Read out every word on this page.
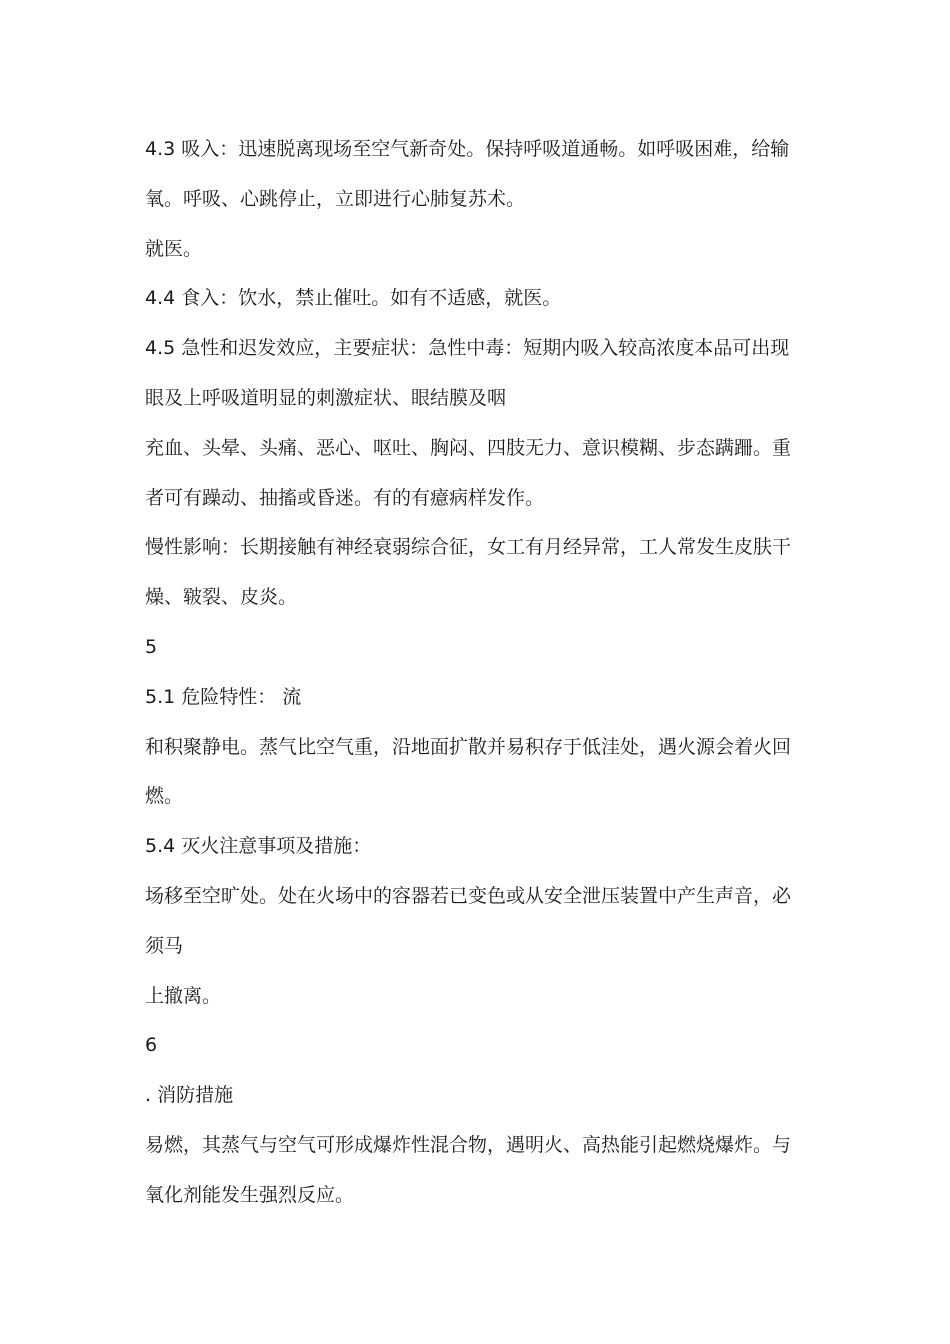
4.3 吸入：迅速脱离现场至空气新奇处。保持呼吸道通畅。如呼吸困难，给输

氧。呼吸、心跳停止，立即进行心肺复苏术。

就医。

4.4 食入：饮水，禁止催吐。如有不适感，就医。

4.5 急性和迟发效应，主要症状：急性中毒：短期内吸入较高浓度本品可出现

眼及上呼吸道明显的刺激症状、眼结膜及咽

充血、头晕、头痛、恶心、呕吐、胸闷、四肢无力、意识模糊、步态蹒跚。重

者可有躁动、抽搐或昏迷。有的有癔病样发作。

慢性影响：长期接触有神经衰弱综合征，女工有月经异常，工人常发生皮肤干

燥、皲裂、皮炎。

5

5.1 危险特性： 流

和积聚静电。蒸气比空气重，沿地面扩散并易积存于低洼处，遇火源会着火回

燃。

5.4 灭火注意事项及措施：

场移至空旷处。处在火场中的容器若已变色或从安全泄压装置中产生声音，必

须马

上撤离。

6

. 消防措施

易燃，其蒸气与空气可形成爆炸性混合物，遇明火、高热能引起燃烧爆炸。与

氧化剂能发生强烈反应。
